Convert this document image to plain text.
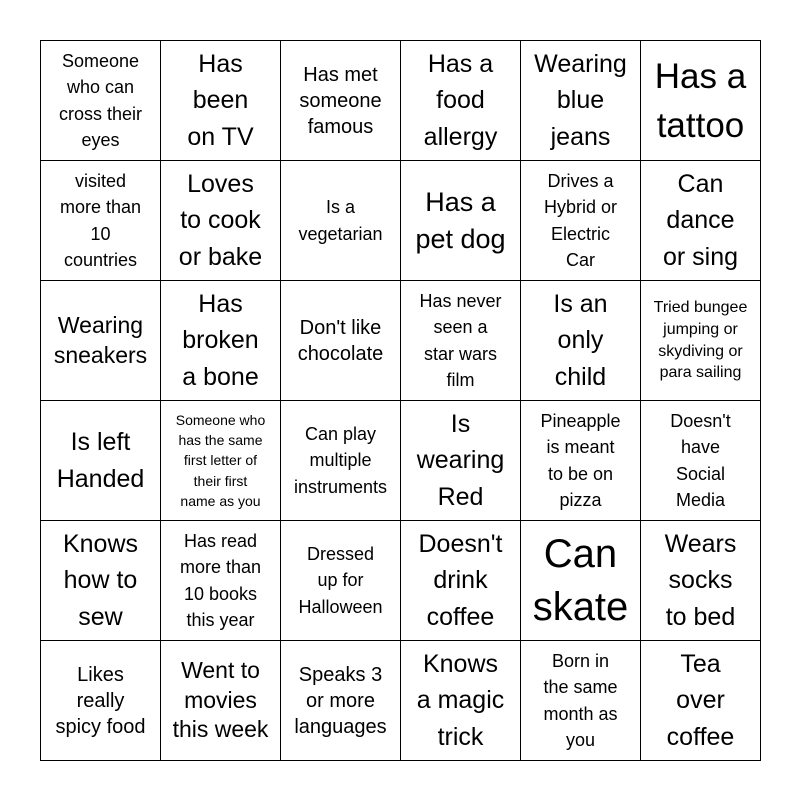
Someone
who can
cross their
eyes
Has
been
on TV
Has met
someone
famous
Has a
food
allergy
Wearing
blue
jeans
Has a
tattoo
visited
more than
10
countries
Loves
to cook
or bake
Is a
vegetarian
Has a
pet dog
Drives a
Hybrid or
Electric
Car
Can
dance
or sing
Wearing
sneakers
Has
broken
a bone
Don't like
chocolate
Has never
seen a
star wars
film
Is an
only
child
Tried bungee
jumping or
skydiving or
para sailing
Is left
Handed
Someone who
has the same
first letter of
their first
name as you
Can play
multiple
instruments
Is
wearing
Red
Pineapple
is meant
to be on
pizza
Doesn't
have
Social
Media
Knows
how to
sew
Has read
more than
10 books
this year
Dressed
up for
Halloween
Doesn't
drink
coffee
Can
skate
Wears
socks
to bed
Likes
really
spicy food
Went to
movies
this week
Speaks 3
or more
languages
Knows
a magic
trick
Born in
the same
month as
you
Tea
over
coffee
